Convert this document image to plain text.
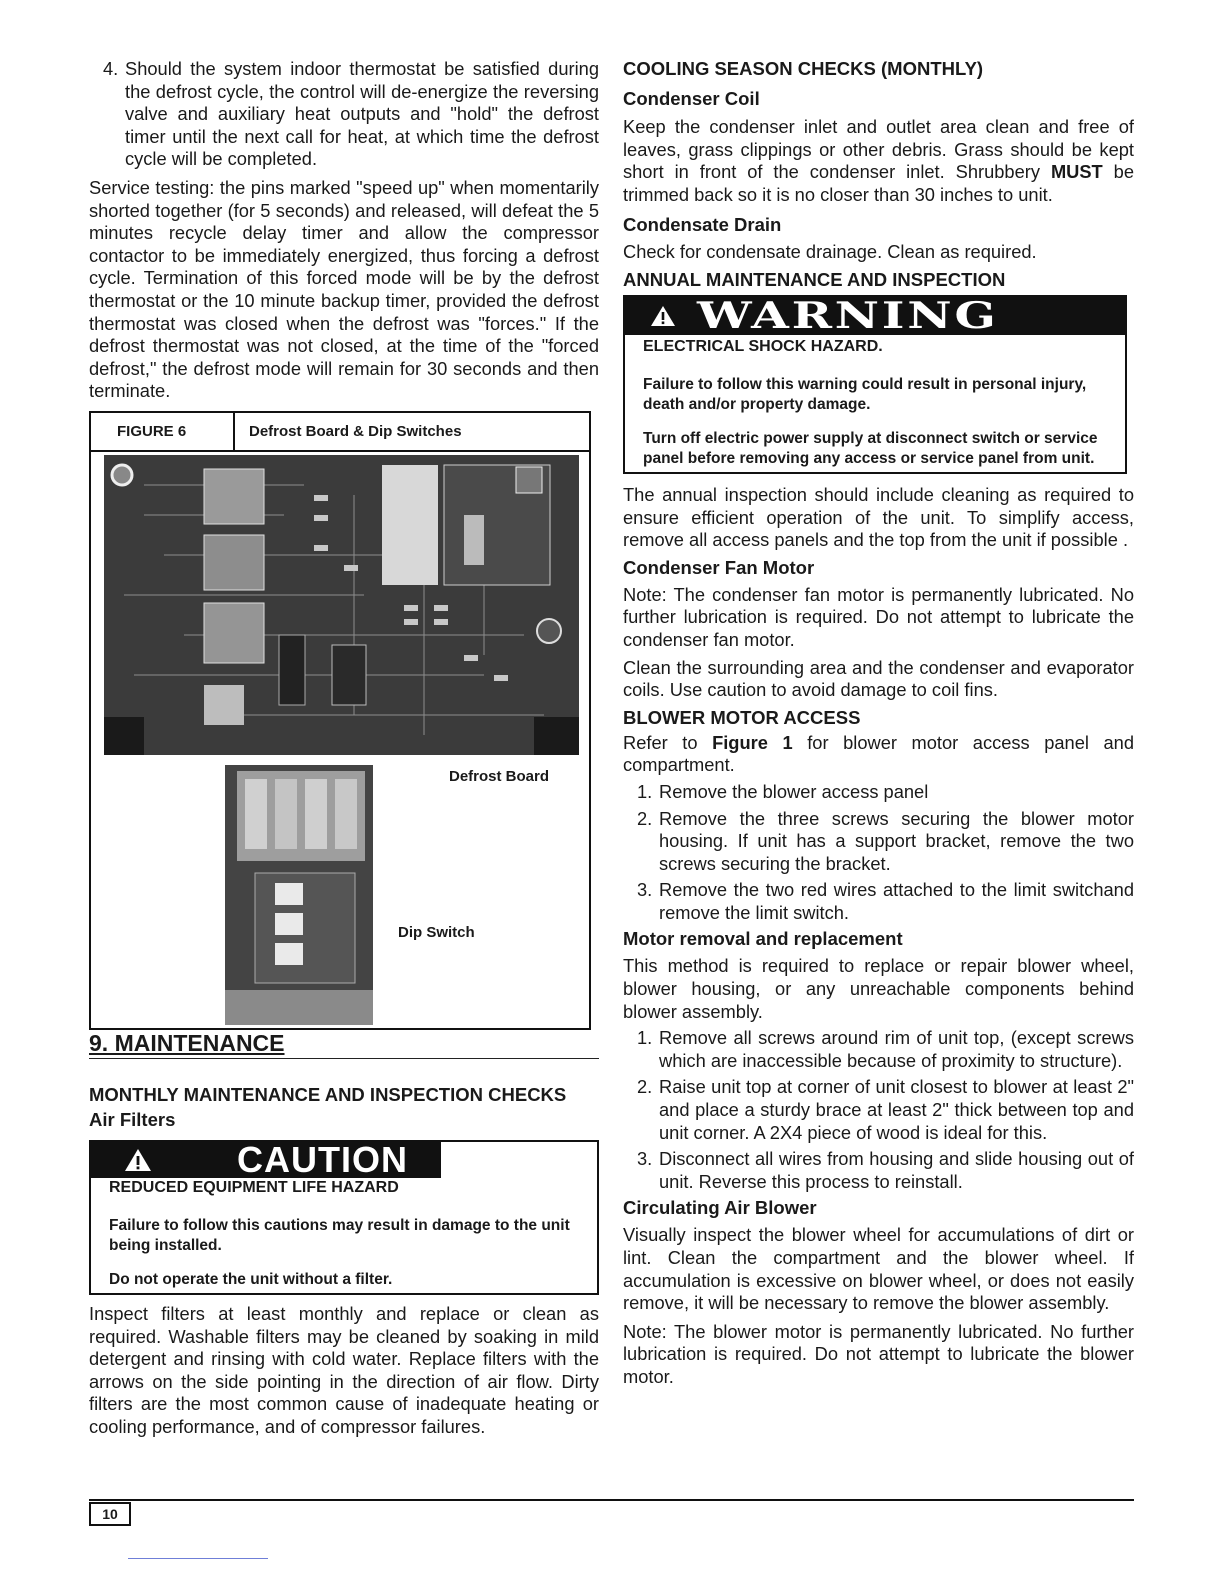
4. Should the system indoor thermostat be satisfied during the defrost cycle, the control will de-energize the reversing valve and auxiliary heat outputs and "hold" the defrost timer until the next call for heat, at which time the defrost cycle will be completed.

Service testing: the pins marked "speed up" when momentarily shorted together (for 5 seconds) and released, will defeat the 5 minutes recycle delay timer and allow the compressor contactor to be immediately energized, thus forcing a defrost cycle. Termination of this forced mode will be by the defrost thermostat or the 10 minute backup timer, provided the defrost thermostat was closed when the defrost was "forces." If the defrost thermostat was not closed, at the time of the "forced defrost," the defrost mode will remain for 30 seconds and then terminate.

FIGURE 6	Defrost Board & Dip Switches
Defrost Board
Dip Switch
9. MAINTENANCE
MONTHLY MAINTENANCE AND INSPECTION CHECKS
Air Filters
CAUTION
REDUCED EQUIPMENT LIFE HAZARD
Failure to follow this cautions may result in damage to the unit being installed.
Do not operate the unit without a filter.

Inspect filters at least monthly and replace or clean as required. Washable filters may be cleaned by soaking in mild detergent and rinsing with cold water. Replace filters with the arrows on the side pointing in the direction of air flow. Dirty filters are the most common cause of inadequate heating or cooling performance, and of compressor failures.

COOLING SEASON CHECKS (MONTHLY)
Condenser Coil

Keep the condenser inlet and outlet area clean and free of leaves, grass clippings or other debris. Grass should be kept short in front of the condenser inlet. Shrubbery MUST be trimmed back so it is no closer than 30 inches to unit.

Condensate Drain

Check for condensate drainage. Clean as required.

ANNUAL MAINTENANCE AND INSPECTION
WARNING
ELECTRICAL SHOCK HAZARD.
Failure to follow this warning could result in personal injury, death and/or property damage.
Turn off electric power supply at disconnect switch or service panel before removing any access or service panel from unit.

The annual inspection should include cleaning as required to ensure efficient operation of the unit. To simplify access, remove all access panels and the top from the unit if possible .

Condenser Fan Motor

Note: The condenser fan motor is permanently lubricated. No further lubrication is required. Do not attempt to lubricate the condenser fan motor.

Clean the surrounding area and the condenser and evaporator coils. Use caution to avoid damage to coil fins.

BLOWER MOTOR ACCESS

Refer to Figure 1 for blower motor access panel and compartment.

1. Remove the blower access panel
2. Remove the three screws securing the blower motor housing. If unit has a support bracket, remove the two screws securing the bracket.
3. Remove the two red wires attached to the limit switchand remove the limit switch.
Motor removal and replacement

This method is required to replace or repair blower wheel, blower housing, or any unreachable components behind blower assembly.

1. Remove all screws around rim of unit top, (except screws which are inaccessible because of proximity to structure).
2. Raise unit top at corner of unit closest to blower at least 2" and place a sturdy brace at least 2" thick between top and unit corner. A 2X4 piece of wood is ideal for this.
3. Disconnect all wires from housing and slide housing out of unit. Reverse this process to reinstall.
Circulating Air Blower

Visually inspect the blower wheel for accumulations of dirt or lint. Clean the compartment and the blower wheel. If accumulation is excessive on blower wheel, or does not easily remove, it will be necessary to remove the blower assembly.

Note: The blower motor is permanently lubricated. No further lubrication is required. Do not attempt to lubricate the blower motor.

10
